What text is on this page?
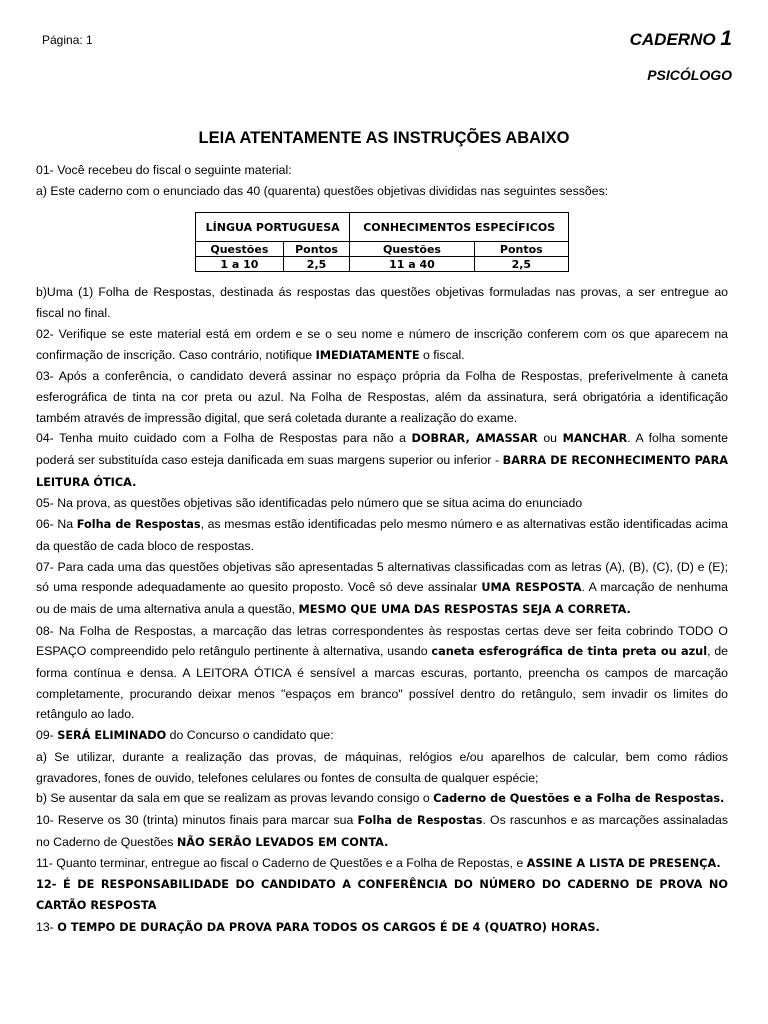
Página: 1	CADERNO 1
PSICÓLOGO
LEIA ATENTAMENTE AS INSTRUÇÕES ABAIXO

01- Você recebeu do fiscal o seguinte material:

a) Este caderno com o enunciado das 40 (quarenta) questões objetivas divididas nas seguintes sessões:

LÍNGUA PORTUGUESA		CONHECIMENTOS ESPECÍFICOS	
Questões	Pontos	Questões	Pontos
1 a 10	2,5	11 a 40	2,5

b)Uma (1) Folha de Respostas, destinada ás respostas das questões objetivas formuladas nas provas, a ser entregue ao fiscal no final.

02- Verifique se este material está em ordem e se o seu nome e número de inscrição conferem com os que aparecem na confirmação de inscrição. Caso contrário, notifique IMEDIATAMENTE o fiscal.

03- Após a conferência, o candidato deverá assinar no espaço própria da Folha de Respostas, preferivelmente à caneta esferográfica de tinta na cor preta ou azul. Na Folha de Respostas, além da assinatura, será obrigatória a identificação também através de impressão digital, que será coletada durante a realização do exame.

04- Tenha muito cuidado com a Folha de Respostas para não a DOBRAR, AMASSAR ou MANCHAR. A folha somente poderá ser substituída caso esteja danificada em suas margens superior ou inferior - BARRA DE RECONHECIMENTO PARA LEITURA ÓTICA.

05- Na prova, as questões objetivas são identificadas pelo número que se situa acima do enunciado

06- Na Folha de Respostas, as mesmas estão identificadas pelo mesmo número e as alternativas estão identificadas acima da questão de cada bloco de respostas.

07- Para cada uma das questões objetivas são apresentadas 5 alternativas classificadas com as letras (A), (B), (C), (D) e (E); só uma responde adequadamente ao quesito proposto. Você só deve assinalar UMA RESPOSTA. A marcação de nenhuma ou de mais de uma alternativa anula a questão, MESMO QUE UMA DAS RESPOSTAS SEJA A CORRETA.

08- Na Folha de Respostas, a marcação das letras correspondentes às respostas certas deve ser feita cobrindo TODO O ESPAÇO compreendido pelo retângulo pertinente à alternativa, usando caneta esferográfica de tinta preta ou azul, de forma contínua e densa. A LEITORA ÓTICA é sensível a marcas escuras, portanto, preencha os campos de marcação completamente, procurando deixar menos "espaços em branco" possível dentro do retângulo, sem invadir os limites do retângulo ao lado.

09- SERÁ ELIMINADO do Concurso o candidato que:

a) Se utilizar, durante a realização das provas, de máquinas, relógios e/ou aparelhos de calcular, bem como rádios gravadores, fones de ouvido, telefones celulares ou fontes de consulta de qualquer espécie;

b) Se ausentar da sala em que se realizam as provas levando consigo o Caderno de Questões e a Folha de Respostas.

10- Reserve os 30 (trinta) minutos finais para marcar sua Folha de Respostas. Os rascunhos e as marcações assinaladas no Caderno de Questões NÃO SERÃO LEVADOS EM CONTA.

11- Quanto terminar, entregue ao fiscal o Caderno de Questões e a Folha de Repostas, e ASSINE A LISTA DE PRESENÇA.

12- É DE RESPONSABILIDADE DO CANDIDATO A CONFERÊNCIA DO NÚMERO DO CADERNO DE PROVA NO CARTÃO RESPOSTA

13- O TEMPO DE DURAÇÃO DA PROVA PARA TODOS OS CARGOS É DE 4 (QUATRO) HORAS.
